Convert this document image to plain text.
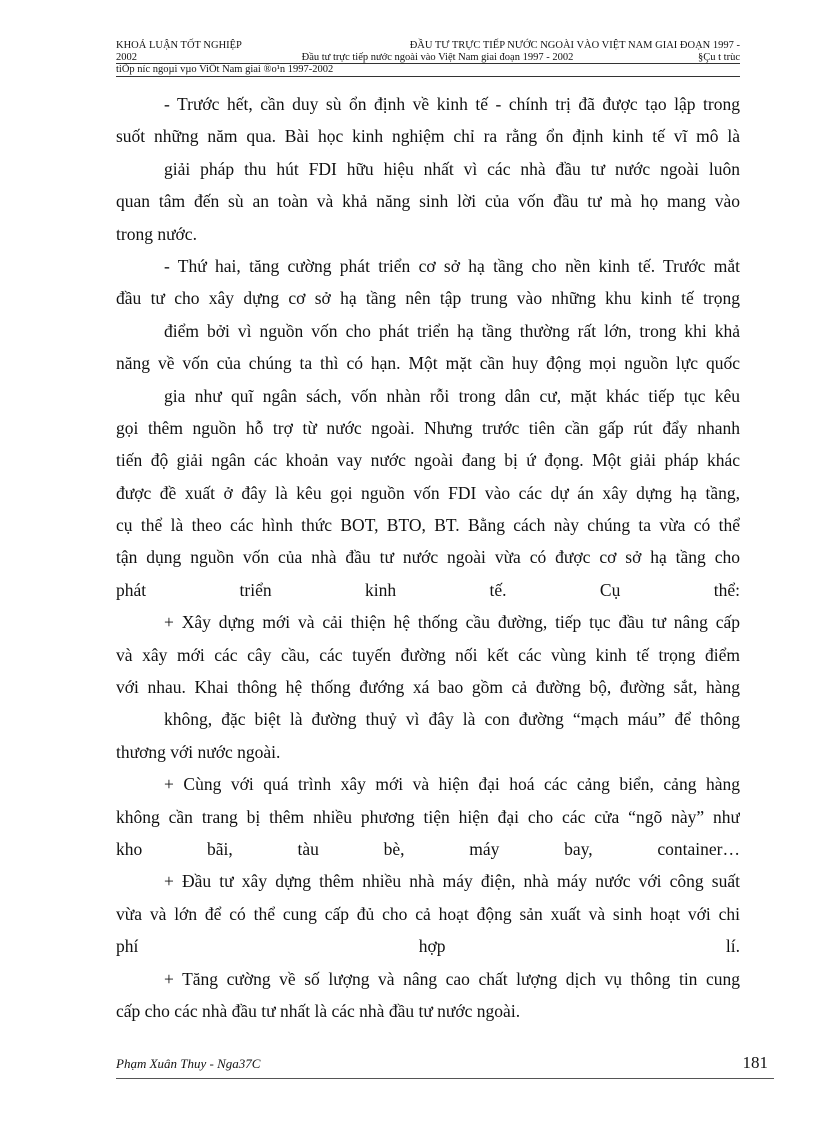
KHOÁ LUẬN TỐT NGHIỆP	ĐẦU TƯ TRỰC TIẾP NƯỚC NGOÀI VÀO VIỆT NAM GIAI ĐOẠN 1997 -
2002	Đầu tư trực tiếp nước ngoài vào Việt Nam giai đoạn 1997 - 2002	§Çu t trùc
tiÕp níc ngoµi vµo ViÖt Nam giai ®o¹n 1997-2002
- Trước hết, cần duy sù ổn định về kinh tế - chính trị đã được tạo lập trong
suốt những năm qua. Bài học kinh nghiệm chỉ ra rằng ổn định kinh tế vĩ mô là
giải pháp thu hút FDI hữu hiệu nhất vì các nhà đầu tư nước ngoài luôn
quan tâm đến sù an toàn và khả năng sinh lời của vốn đầu tư mà họ mang vào
trong nước.
- Thứ hai, tăng cường phát triển cơ sở hạ tầng cho nền kinh tế. Trước mắt
đầu tư cho xây dựng cơ sở hạ tầng nên tập trung vào những khu kinh tế trọng
điểm bởi vì nguồn vốn cho phát triển hạ tầng thường rất lớn, trong khi khả
năng về vốn của chúng ta thì có hạn. Một mặt cần huy động mọi nguồn lực quốc
gia như quĩ ngân sách, vốn nhàn rỗi trong dân cư, mặt khác tiếp tục kêu
gọi thêm nguồn hỗ trợ từ nước ngoài. Nhưng trước tiên cần gấp rút đẩy nhanh
tiến độ giải ngân các khoản vay nước ngoài đang bị ứ đọng. Một giải pháp khác
được đề xuất ở đây là kêu gọi nguồn vốn FDI vào các dự án xây dựng hạ tầng,
cụ thể là theo các hình thức BOT, BTO, BT. Bằng cách này chúng ta vừa có thể
tận dụng nguồn vốn của nhà đầu tư nước ngoài vừa có được cơ sở hạ tầng cho
phát triển kinh tế. Cụ thể:
+ Xây dựng mới và cải thiện hệ thống cầu đường, tiếp tục đầu tư nâng cấp
và xây mới các cây cầu, các tuyến đường nối kết các vùng kinh tế trọng điểm
với nhau. Khai thông hệ thống đướng xá bao gồm cả đường bộ, đường sắt, hàng
không, đặc biệt là đường thuỷ vì đây là con đường “mạch máu” để thông
thương với nước ngoài.
+ Cùng với quá trình xây mới và hiện đại hoá các cảng biển, cảng hàng
không cần trang bị thêm nhiều phương tiện hiện đại cho các cửa “ngõ này” như
kho bãi, tàu bè, máy bay, container…
+ Đầu tư xây dựng thêm nhiều nhà máy điện, nhà máy nước với công suất
vừa và lớn để có thể cung cấp đủ cho cả hoạt động sản xuất và sinh hoạt với chi
phí hợp lí.
+ Tăng cường về số lượng và nâng cao chất lượng dịch vụ thông tin cung
cấp cho các nhà đầu tư nhất là các nhà đầu tư nước ngoài.
Phạm Xuân Thuy - Nga37C	181
